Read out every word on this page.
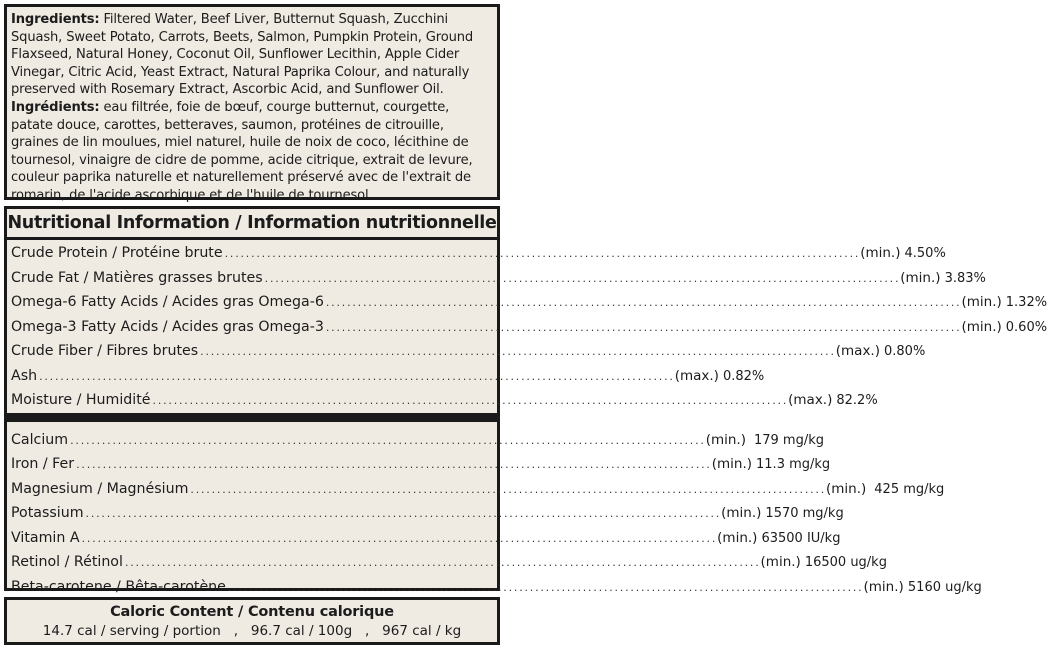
Ingredients: Filtered Water, Beef Liver, Butternut Squash, Zucchini Squash, Sweet Potato, Carrots, Beets, Salmon, Pumpkin Protein, Ground Flaxseed, Natural Honey, Coconut Oil, Sunflower Lecithin, Apple Cider Vinegar, Citric Acid, Yeast Extract, Natural Paprika Colour, and naturally preserved with Rosemary Extract, Ascorbic Acid, and Sunflower Oil.

Ingrédients: eau filtrée, foie de bœuf, courge butternut, courgette, patate douce, carottes, betteraves, saumon, protéines de citrouille, graines de lin moulues, miel naturel, huile de noix de coco, lécithine de tournesol, vinaigre de cidre de pomme, acide citrique, extrait de levure, couleur paprika naturelle et naturellement préservé avec de l'extrait de romarin, de l'acide ascorbique et de l'huile de tournesol.

Nutritional Information / Information nutritionnelle
Crude Protein / Protéine brute ........................................................................................................................ (min.) 4.50%
Crude Fat / Matières grasses brutes ........................................................................................................................ (min.) 3.83%
Omega-6 Fatty Acids / Acides gras Omega-6 ........................................................................................................................ (min.) 1.32%
Omega-3 Fatty Acids / Acides gras Omega-3 ........................................................................................................................ (min.) 0.60%
Crude Fiber / Fibres brutes ........................................................................................................................ (max.) 0.80%
Ash ........................................................................................................................ (max.) 0.82%
Moisture / Humidité ........................................................................................................................ (max.) 82.2%
Calcium ........................................................................................................................ (min.) 179 mg/kg
Iron / Fer ........................................................................................................................ (min.) 11.3 mg/kg
Magnesium / Magnésium ........................................................................................................................ (min.) 425 mg/kg
Potassium ........................................................................................................................ (min.) 1570 mg/kg
Vitamin A ........................................................................................................................ (min.) 63500 IU/kg
Retinol / Rétinol ........................................................................................................................ (min.) 16500 ug/kg
Beta-carotene / Bêta-carotène ........................................................................................................................ (min.) 5160 ug/kg
Caloric Content / Contenu calorique
14.7 cal / serving / portion   ,   96.7 cal / 100g   ,   967 cal / kg
